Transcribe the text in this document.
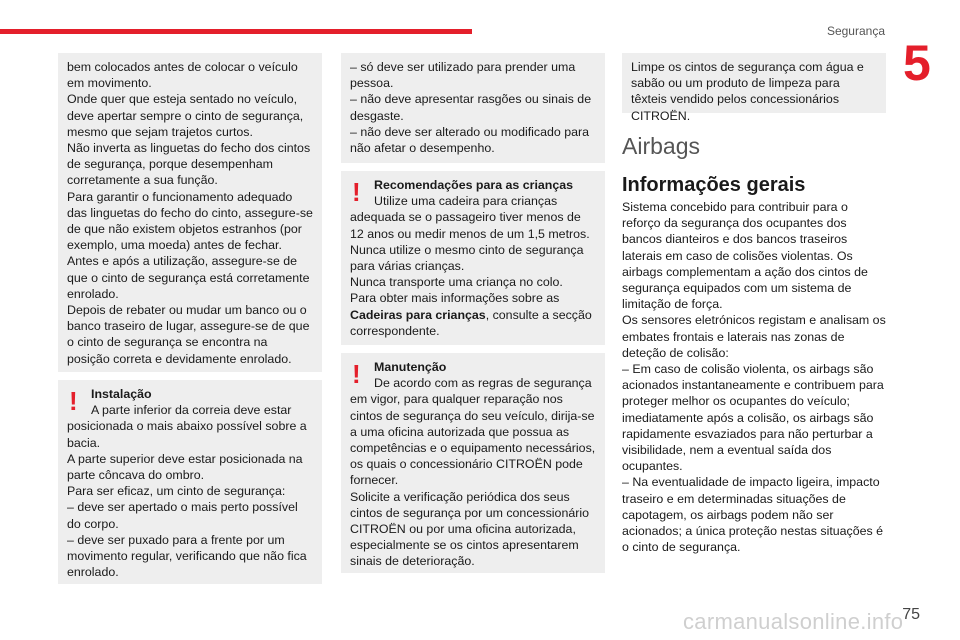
Segurança
5

bem colocados antes de colocar o veículo em movimento.
Onde quer que esteja sentado no veículo, deve apertar sempre o cinto de segurança, mesmo que sejam trajetos curtos.
Não inverta as linguetas do fecho dos cintos de segurança, porque desempenham corretamente a sua função.
Para garantir o funcionamento adequado das linguetas do fecho do cinto, assegure-se de que não existem objetos estranhos (por exemplo, uma moeda) antes de fechar.
Antes e após a utilização, assegure-se de que o cinto de segurança está corretamente enrolado.
Depois de rebater ou mudar um banco ou o banco traseiro de lugar, assegure-se de que o cinto de segurança se encontra na posição correta e devidamente enrolado.

! Instalação

A parte inferior da correia deve estar posicionada o mais abaixo possível sobre a bacia.
A parte superior deve estar posicionada na parte côncava do ombro.
Para ser eficaz, um cinto de segurança:
– deve ser apertado o mais perto possível do corpo.
– deve ser puxado para a frente por um movimento regular, verificando que não fica enrolado.

– só deve ser utilizado para prender uma pessoa.
– não deve apresentar rasgões ou sinais de desgaste.
– não deve ser alterado ou modificado para não afetar o desempenho.

! Recomendações para as crianças

Utilize uma cadeira para crianças adequada se o passageiro tiver menos de 12 anos ou medir menos de um 1,5 metros.
Nunca utilize o mesmo cinto de segurança para várias crianças.
Nunca transporte uma criança no colo.
Para obter mais informações sobre as Cadeiras para crianças, consulte a secção correspondente.

! Manutenção

De acordo com as regras de segurança em vigor, para qualquer reparação nos cintos de segurança do seu veículo, dirija-se a uma oficina autorizada que possua as competências e o equipamento necessários, os quais o concessionário CITROËN pode fornecer.
Solicite a verificação periódica dos seus cintos de segurança por um concessionário CITROËN ou por uma oficina autorizada, especialmente se os cintos apresentarem sinais de deterioração.

Limpe os cintos de segurança com água e sabão ou um produto de limpeza para têxteis vendido pelos concessionários CITROËN.

Airbags
Informações gerais

Sistema concebido para contribuir para o reforço da segurança dos ocupantes dos bancos dianteiros e dos bancos traseiros laterais em caso de colisões violentas. Os airbags complementam a ação dos cintos de segurança equipados com um sistema de limitação de força.
Os sensores eletrónicos registam e analisam os embates frontais e laterais nas zonas de deteção de colisão:
– Em caso de colisão violenta, os airbags são acionados instantaneamente e contribuem para proteger melhor os ocupantes do veículo; imediatamente após a colisão, os airbags são rapidamente esvaziados para não perturbar a visibilidade, nem a eventual saída dos ocupantes.
– Na eventualidade de impacto ligeira, impacto traseiro e em determinadas situações de capotagem, os airbags podem não ser acionados; a única proteção nestas situações é o cinto de segurança.

carmanualsonline.info
75
